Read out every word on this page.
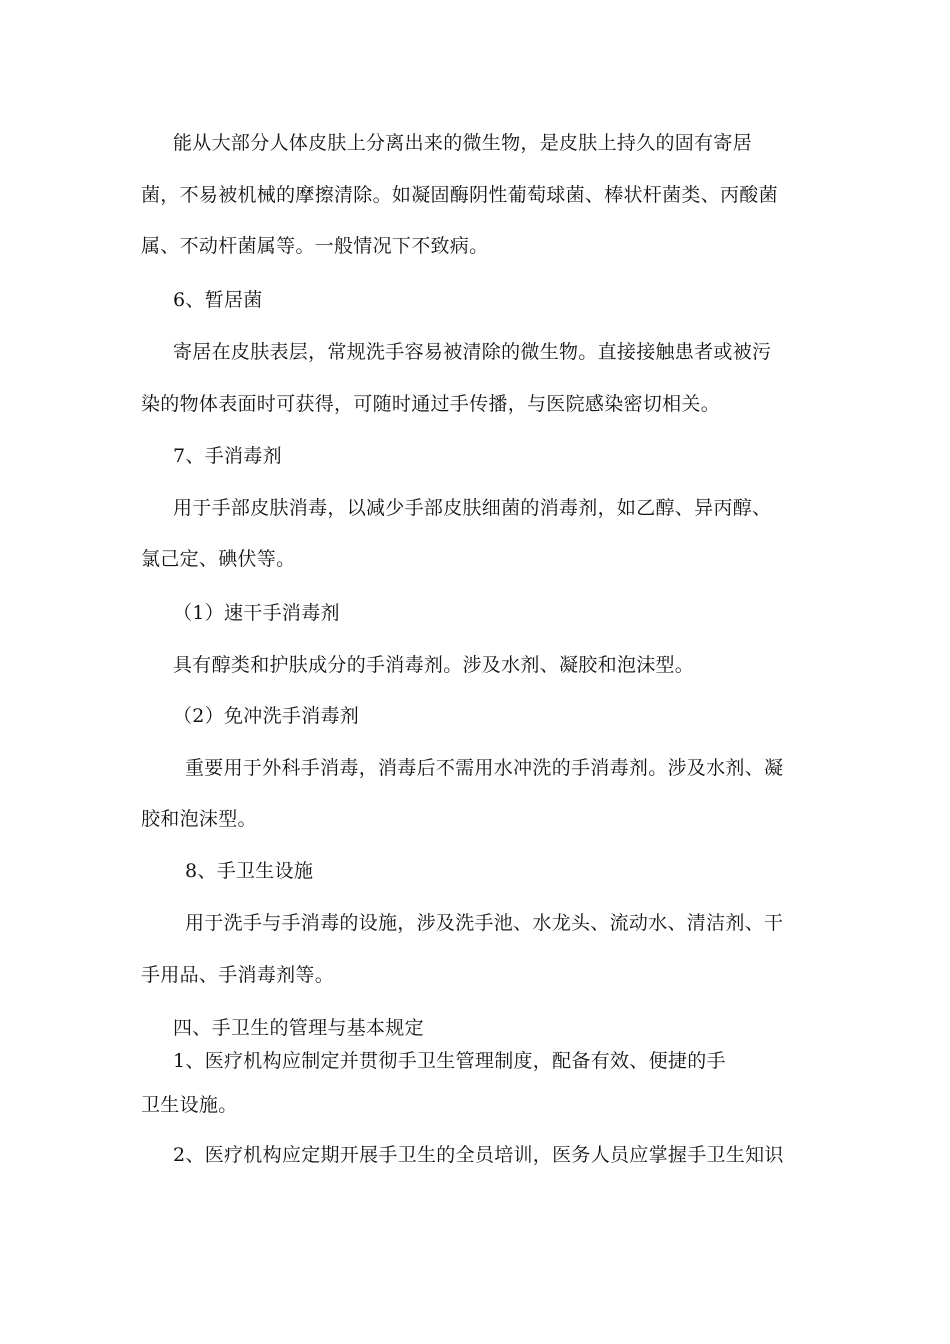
能从大部分人体皮肤上分离出来的微生物，是皮肤上持久的固有寄居
菌，不易被机械的摩擦清除。如凝固酶阴性葡萄球菌、棒状杆菌类、丙酸菌
属、不动杆菌属等。一般情况下不致病。
6、暂居菌
寄居在皮肤表层，常规洗手容易被清除的微生物。直接接触患者或被污
染的物体表面时可获得，可随时通过手传播，与医院感染密切相关。
7、手消毒剂
用于手部皮肤消毒，以减少手部皮肤细菌的消毒剂，如乙醇、异丙醇、
氯己定、碘伏等。
（1）速干手消毒剂
具有醇类和护肤成分的手消毒剂。涉及水剂、凝胶和泡沫型。
（2）免冲洗手消毒剂
重要用于外科手消毒，消毒后不需用水冲洗的手消毒剂。涉及水剂、凝
胶和泡沫型。
8、手卫生设施
用于洗手与手消毒的设施，涉及洗手池、水龙头、流动水、清洁剂、干
手用品、手消毒剂等。
四、手卫生的管理与基本规定
1、医疗机构应制定并贯彻手卫生管理制度，配备有效、便捷的手
卫生设施。
2、医疗机构应定期开展手卫生的全员培训，医务人员应掌握手卫生知识
